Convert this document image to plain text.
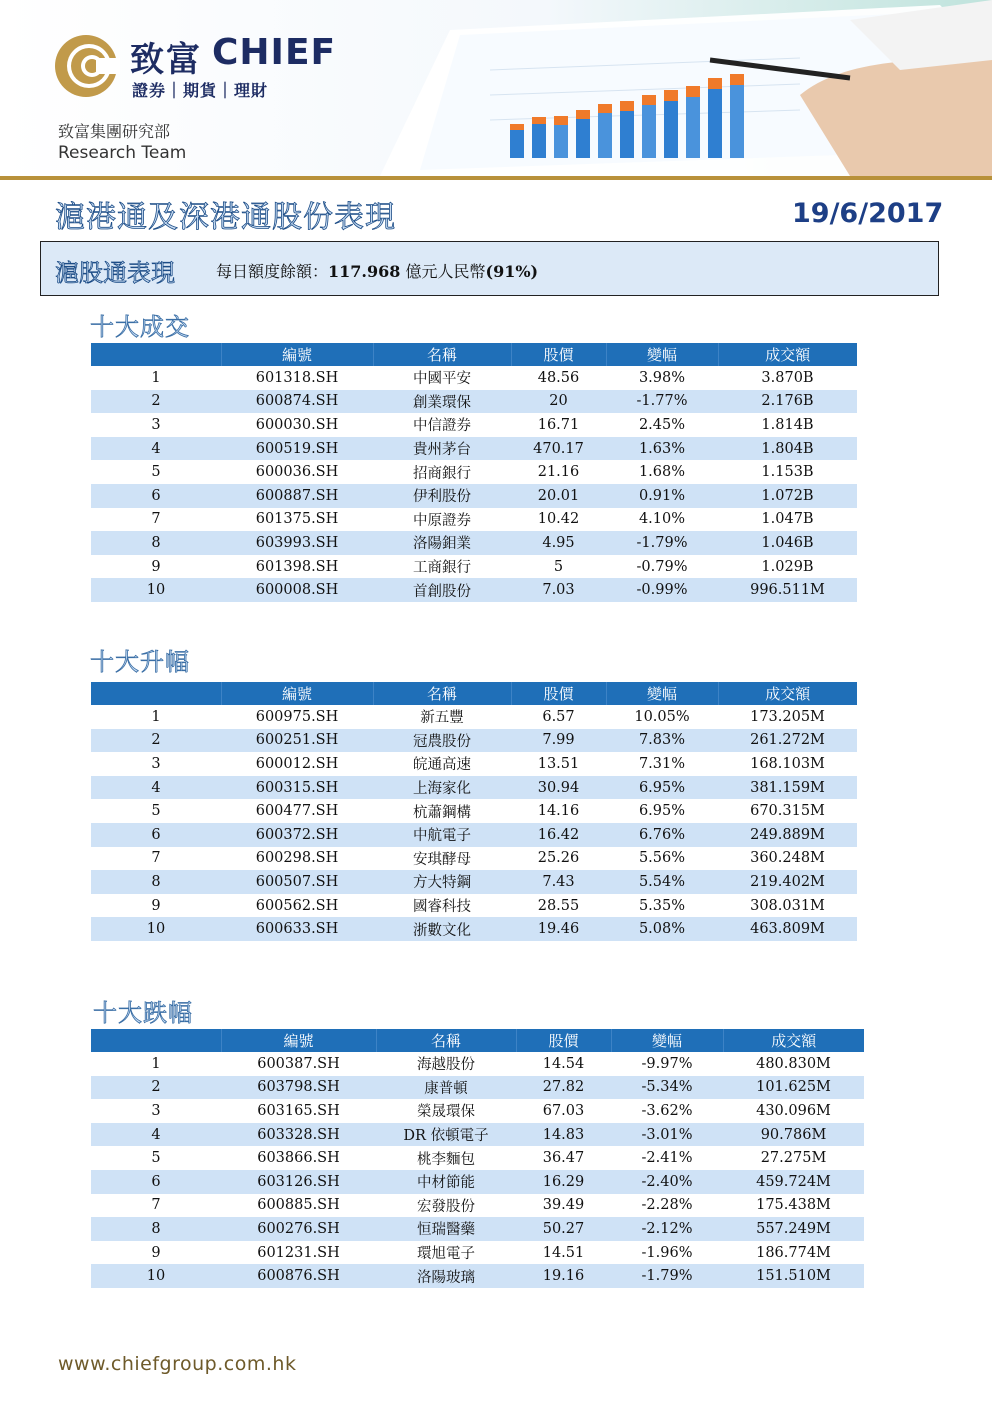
致富 CHIEF
證券｜期貨｜理財
致富集團研究部
Research Team
滬港通及深港通股份表現	19/6/2017
滬股通表現	每日額度餘額：117.968 億元人民幣(91%)
十大成交
十大升幅
十大跌幅
	編號	名稱	股價	變幅	成交額
1	601318.SH	中國平安	48.56	3.98%	3.870B
2	600874.SH	創業環保	20	-1.77%	2.176B
3	600030.SH	中信證券	16.71	2.45%	1.814B
4	600519.SH	貴州茅台	470.17	1.63%	1.804B
5	600036.SH	招商銀行	21.16	1.68%	1.153B
6	600887.SH	伊利股份	20.01	0.91%	1.072B
7	601375.SH	中原證券	10.42	4.10%	1.047B
8	603993.SH	洛陽鉬業	4.95	-1.79%	1.046B
9	601398.SH	工商銀行	5	-0.79%	1.029B
10	600008.SH	首創股份	7.03	-0.99%	996.511M
	編號	名稱	股價	變幅	成交額
1	600975.SH	新五豐	6.57	10.05%	173.205M
2	600251.SH	冠農股份	7.99	7.83%	261.272M
3	600012.SH	皖通高速	13.51	7.31%	168.103M
4	600315.SH	上海家化	30.94	6.95%	381.159M
5	600477.SH	杭蕭鋼構	14.16	6.95%	670.315M
6	600372.SH	中航電子	16.42	6.76%	249.889M
7	600298.SH	安琪酵母	25.26	5.56%	360.248M
8	600507.SH	方大特鋼	7.43	5.54%	219.402M
9	600562.SH	國睿科技	28.55	5.35%	308.031M
10	600633.SH	浙數文化	19.46	5.08%	463.809M
	編號	名稱	股價	變幅	成交額
1	600387.SH	海越股份	14.54	-9.97%	480.830M
2	603798.SH	康普頓	27.82	-5.34%	101.625M
3	603165.SH	榮晟環保	67.03	-3.62%	430.096M
4	603328.SH	DR 依頓電子	14.83	-3.01%	90.786M
5	603866.SH	桃李麵包	36.47	-2.41%	27.275M
6	603126.SH	中材節能	16.29	-2.40%	459.724M
7	600885.SH	宏發股份	39.49	-2.28%	175.438M
8	600276.SH	恒瑞醫藥	50.27	-2.12%	557.249M
9	601231.SH	環旭電子	14.51	-1.96%	186.774M
10	600876.SH	洛陽玻璃	19.16	-1.79%	151.510M
www.chiefgroup.com.hk
